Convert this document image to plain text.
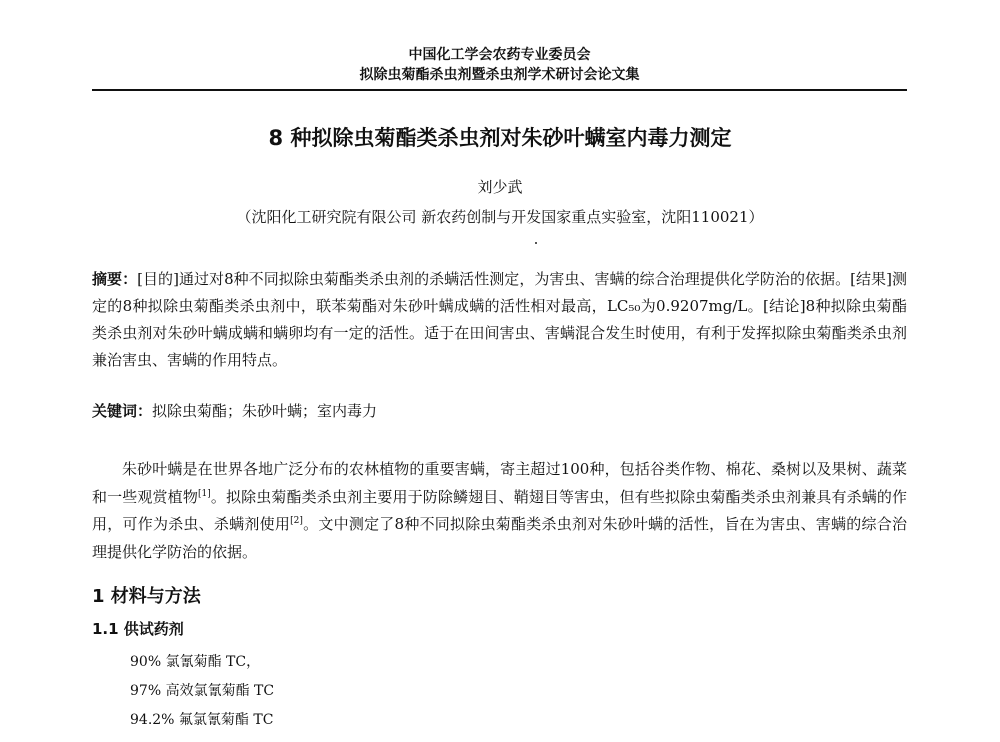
中国化工学会农药专业委员会
拟除虫菊酯杀虫剂暨杀虫剂学术研讨会论文集
8 种拟除虫菊酯类杀虫剂对朱砂叶螨室内毒力测定
刘少武
（沈阳化工研究院有限公司 新农药创制与开发国家重点实验室，沈阳110021）
摘要：[目的]通过对8种不同拟除虫菊酯类杀虫剂的杀螨活性测定，为害虫、害螨的综合治理提供化学防治的依据。[结果]测定的8种拟除虫菊酯类杀虫剂中，联苯菊酯对朱砂叶螨成螨的活性相对最高，LC₅₀为0.9207mg/L。[结论]8种拟除虫菊酯类杀虫剂对朱砂叶螨成螨和螨卵均有一定的活性。适于在田间害虫、害螨混合发生时使用，有利于发挥拟除虫菊酯类杀虫剂兼治害虫、害螨的作用特点。
关键词：拟除虫菊酯；朱砂叶螨；室内毒力
朱砂叶螨是在世界各地广泛分布的农林植物的重要害螨，寄主超过100种，包括谷类作物、棉花、桑树以及果树、蔬菜和一些观赏植物[1]。拟除虫菊酯类杀虫剂主要用于防除鳞翅目、鞘翅目等害虫，但有些拟除虫菊酯类杀虫剂兼具有杀螨的作用，可作为杀虫、杀螨剂使用[2]。文中测定了8种不同拟除虫菊酯类杀虫剂对朱砂叶螨的活性，旨在为害虫、害螨的综合治理提供化学防治的依据。
1 材料与方法
1.1 供试药剂
90% 氯氰菊酯 TC，
97% 高效氯氰菊酯 TC
94.2% 氟氯氰菊酯 TC
